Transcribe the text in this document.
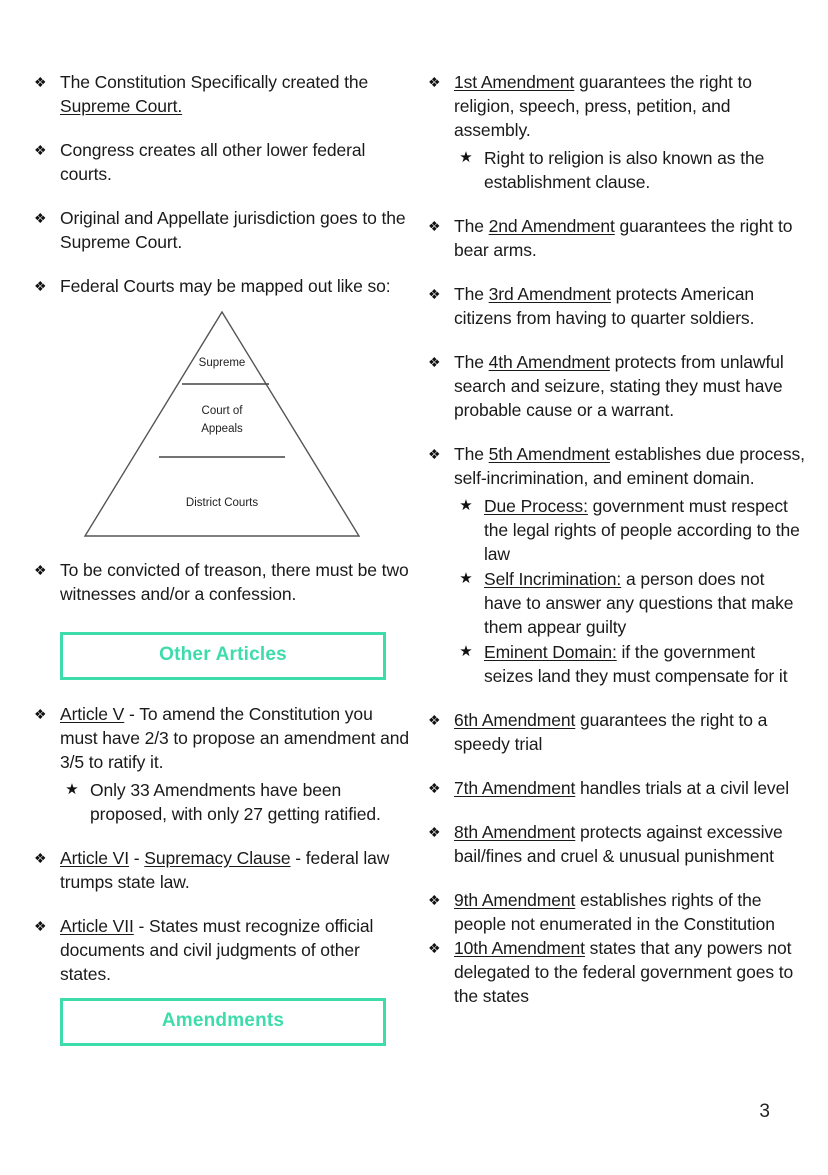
❖ The Constitution Specifically created the Supreme Court.
❖ Congress creates all other lower federal courts.
❖ Original and Appellate jurisdiction goes to the Supreme Court.
❖ Federal Courts may be mapped out like so:
Supreme
Court of
Appeals
District Courts
❖ To be convicted of treason, there must be two witnesses and/or a confession.
Other Articles
❖ Article V - To amend the Constitution you must have 2/3 to propose an amendment and 3/5 to ratify it.
★ Only 33 Amendments have been proposed, with only 27 getting ratified.
❖ Article VI - Supremacy Clause - federal law trumps state law.
❖ Article VII - States must recognize official documents and civil judgments of other states.
Amendments
❖ 1st Amendment guarantees the right to religion, speech, press, petition, and assembly.
★ Right to religion is also known as the establishment clause.
❖ The 2nd Amendment guarantees the right to bear arms.
❖ The 3rd Amendment protects American citizens from having to quarter soldiers.
❖ The 4th Amendment protects from unlawful search and seizure, stating they must have probable cause or a warrant.
❖ The 5th Amendment establishes due process, self-incrimination, and eminent domain.
★ Due Process: government must respect the legal rights of people according to the law
★ Self Incrimination: a person does not have to answer any questions that make them appear guilty
★ Eminent Domain: if the government seizes land they must compensate for it
❖ 6th Amendment guarantees the right to a speedy trial
❖ 7th Amendment handles trials at a civil level
❖ 8th Amendment protects against excessive bail/fines and cruel & unusual punishment
❖ 9th Amendment establishes rights of the people not enumerated in the Constitution
❖ 10th Amendment states that any powers not delegated to the federal government goes to the states
3
